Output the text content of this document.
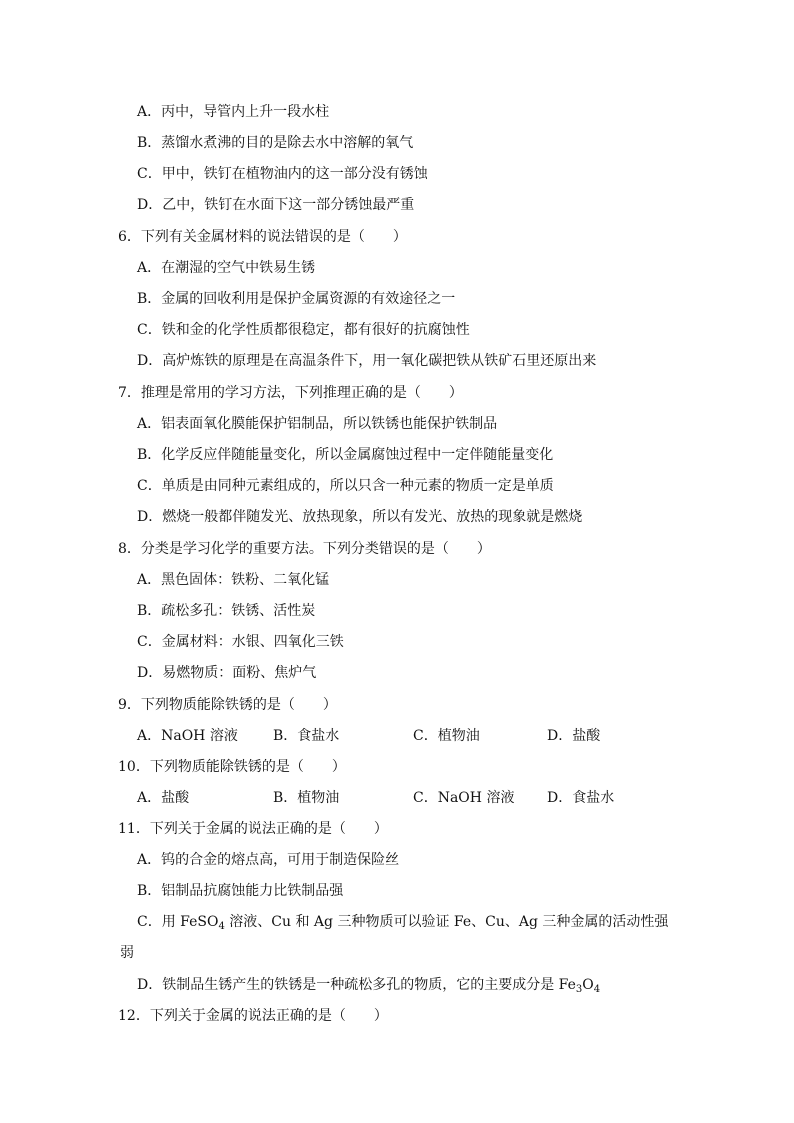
A．丙中，导管内上升一段水柱
B．蒸馏水煮沸的目的是除去水中溶解的氧气
C．甲中，铁钉在植物油内的这一部分没有锈蚀
D．乙中，铁钉在水面下这一部分锈蚀最严重
6．下列有关金属材料的说法错误的是（　　）
A．在潮湿的空气中铁易生锈
B．金属的回收利用是保护金属资源的有效途径之一
C．铁和金的化学性质都很稳定，都有很好的抗腐蚀性
D．高炉炼铁的原理是在高温条件下，用一氧化碳把铁从铁矿石里还原出来
7．推理是常用的学习方法，下列推理正确的是（　　）
A．铝表面氧化膜能保护铝制品，所以铁锈也能保护铁制品
B．化学反应伴随能量变化，所以金属腐蚀过程中一定伴随能量变化
C．单质是由同种元素组成的，所以只含一种元素的物质一定是单质
D．燃烧一般都伴随发光、放热现象，所以有发光、放热的现象就是燃烧
8．分类是学习化学的重要方法。下列分类错误的是（　　）
A．黑色固体：铁粉、二氧化锰
B．疏松多孔：铁锈、活性炭
C．金属材料：水银、四氧化三铁
D．易燃物质：面粉、焦炉气
9．下列物质能除铁锈的是（　　）
A．NaOH 溶液	B．食盐水	C．植物油	D．盐酸
10．下列物质能除铁锈的是（　　）
A．盐酸	B．植物油	C．NaOH 溶液 D．食盐水
11．下列关于金属的说法正确的是（　　）
A．钨的合金的熔点高，可用于制造保险丝
B．铝制品抗腐蚀能力比铁制品强
C．用 FeSO$_4$ 溶液、Cu 和 Ag 三种物质可以验证 Fe、Cu、Ag 三种金属的活动性强
弱
D．铁制品生锈产生的铁锈是一种疏松多孔的物质，它的主要成分是 $Fe_3O_4$
12．下列关于金属的说法正确的是（　　）
